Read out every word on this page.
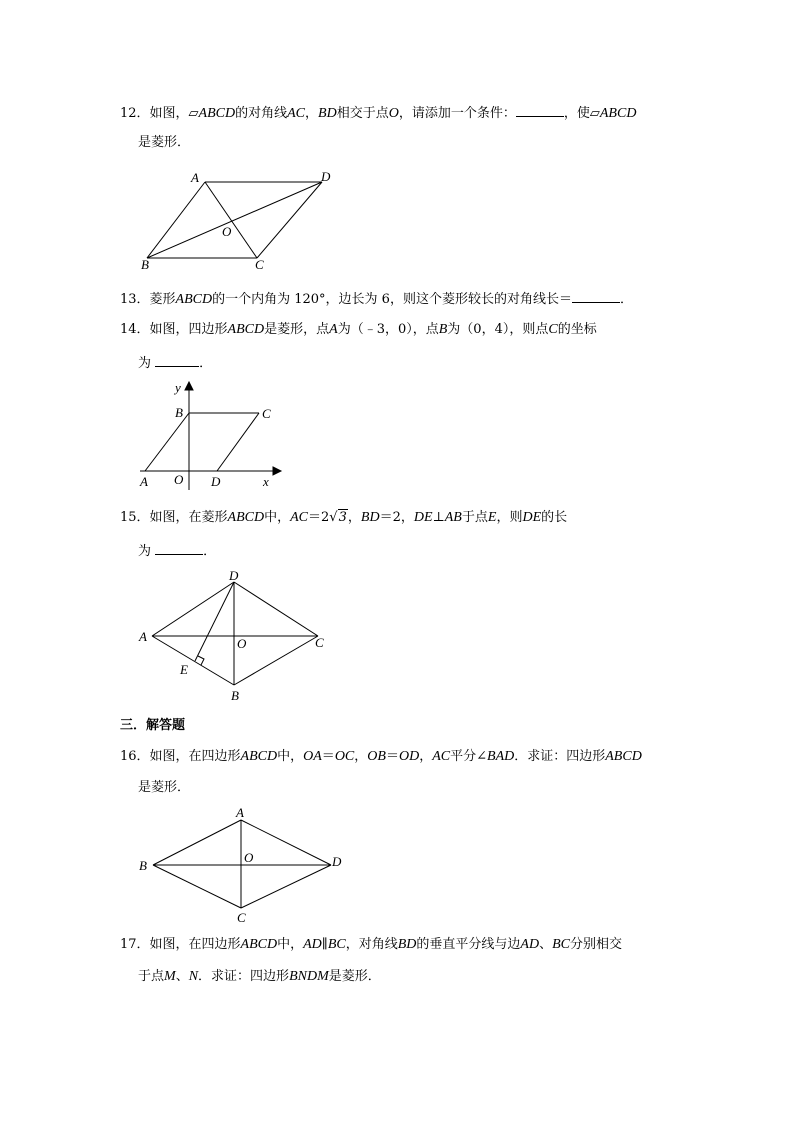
12．如图，▱ABCD的对角线AC，BD相交于点O，请添加一个条件：	，使▱ABCD
是菱形．
A	D
O
B	C
13．菱形ABCD的一个内角为 120°，边长为 6，则这个菱形较长的对角线长＝	．
14．如图，四边形ABCD是菱形，点A为（﹣3，0），点B为（0，4），则点C的坐标
为	．
y
B	C
A O D	x
15．如图，在菱形ABCD中，AC＝2√3，BD＝2，DE⊥AB于点E，则DE的长
为	．
D
A	O	C
E
B
三．解答题
16．如图，在四边形ABCD中，OA＝OC，OB＝OD，AC平分∠BAD．求证：四边形ABCD
是菱形．
A
B
O	D
C
17．如图，在四边形ABCD中，AD∥BC，对角线BD的垂直平分线与边AD、BC分别相交
于点M、N．求证：四边形BNDM是菱形．
